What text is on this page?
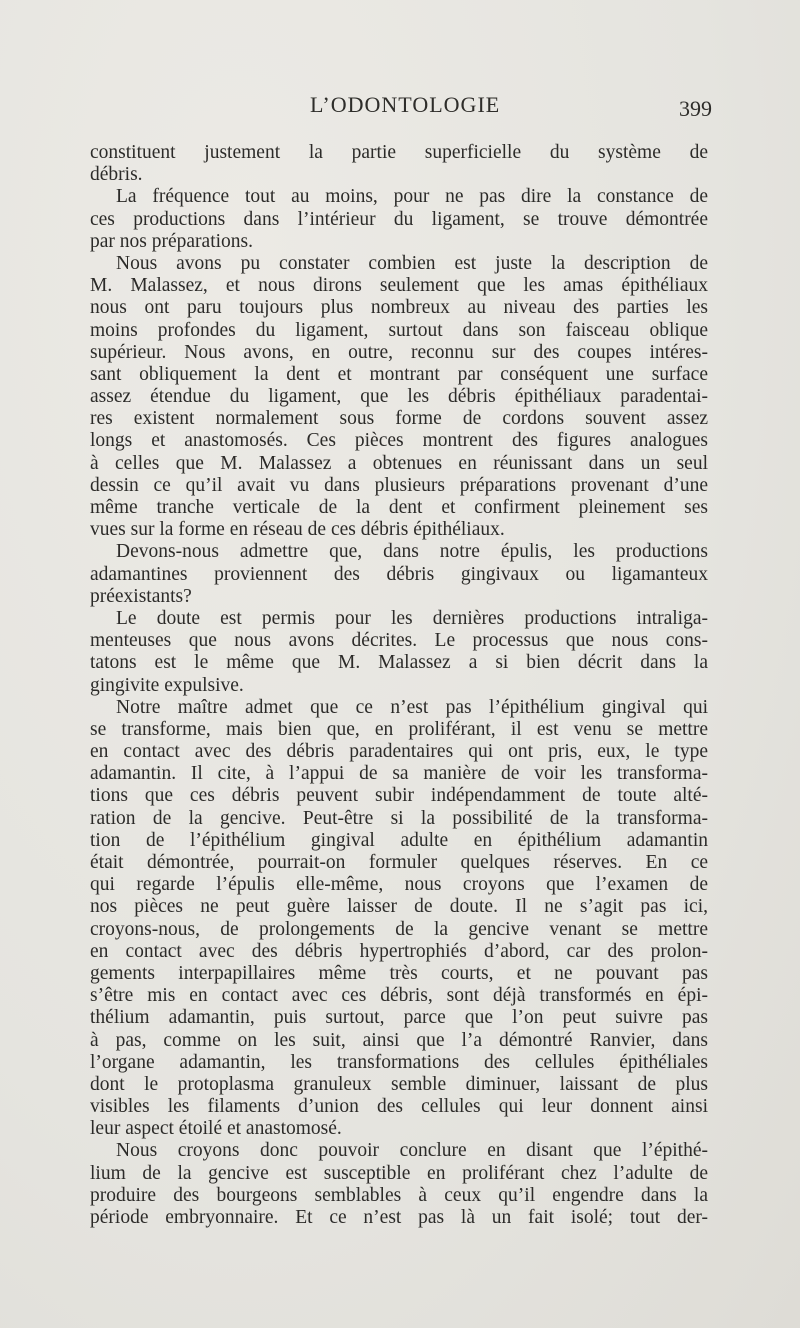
L’ODONTOLOGIE	399
constituent justement la partie superficielle du système de
débris.
La fréquence tout au moins, pour ne pas dire la constance de
ces productions dans l’intérieur du ligament, se trouve démontrée
par nos préparations.
Nous avons pu constater combien est juste la description de
M. Malassez, et nous dirons seulement que les amas épithéliaux
nous ont paru toujours plus nombreux au niveau des parties les
moins profondes du ligament, surtout dans son faisceau oblique
supérieur. Nous avons, en outre, reconnu sur des coupes intéres-
sant obliquement la dent et montrant par conséquent une surface
assez étendue du ligament, que les débris épithéliaux paradentai-
res existent normalement sous forme de cordons souvent assez
longs et anastomosés. Ces pièces montrent des figures analogues
à celles que M. Malassez a obtenues en réunissant dans un seul
dessin ce qu’il avait vu dans plusieurs préparations provenant d’une
même tranche verticale de la dent et confirment pleinement ses
vues sur la forme en réseau de ces débris épithéliaux.
Devons-nous admettre que, dans notre épulis, les productions
adamantines proviennent des débris gingivaux ou ligamanteux
préexistants?
Le doute est permis pour les dernières productions intraliga-
menteuses que nous avons décrites. Le processus que nous cons-
tatons est le même que M. Malassez a si bien décrit dans la
gingivite expulsive.
Notre maître admet que ce n’est pas l’épithélium gingival qui
se transforme, mais bien que, en proliférant, il est venu se mettre
en contact avec des débris paradentaires qui ont pris, eux, le type
adamantin. Il cite, à l’appui de sa manière de voir les transforma-
tions que ces débris peuvent subir indépendamment de toute alté-
ration de la gencive. Peut-être si la possibilité de la transforma-
tion de l’épithélium gingival adulte en épithélium adamantin
était démontrée, pourrait-on formuler quelques réserves. En ce
qui regarde l’épulis elle-même, nous croyons que l’examen de
nos pièces ne peut guère laisser de doute. Il ne s’agit pas ici,
croyons-nous, de prolongements de la gencive venant se mettre
en contact avec des débris hypertrophiés d’abord, car des prolon-
gements interpapillaires même très courts, et ne pouvant pas
s’être mis en contact avec ces débris, sont déjà transformés en épi-
thélium adamantin, puis surtout, parce que l’on peut suivre pas
à pas, comme on les suit, ainsi que l’a démontré Ranvier, dans
l’organe adamantin, les transformations des cellules épithéliales
dont le protoplasma granuleux semble diminuer, laissant de plus
visibles les filaments d’union des cellules qui leur donnent ainsi
leur aspect étoilé et anastomosé.
Nous croyons donc pouvoir conclure en disant que l’épithé-
lium de la gencive est susceptible en proliférant chez l’adulte de
produire des bourgeons semblables à ceux qu’il engendre dans la
période embryonnaire. Et ce n’est pas là un fait isolé; tout der-
